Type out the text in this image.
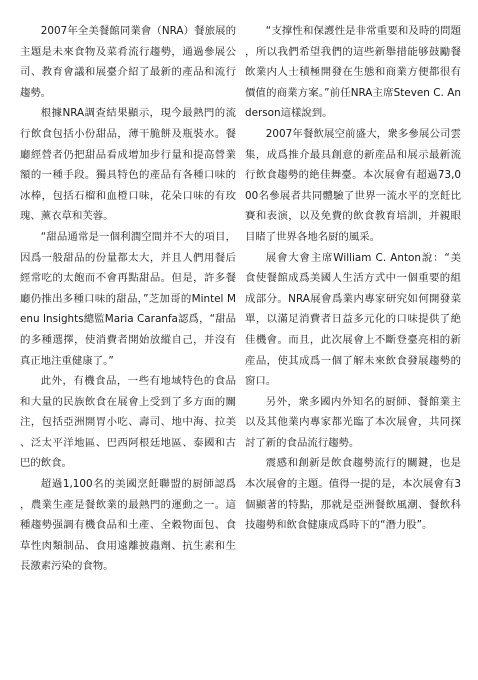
2007年全美餐館同業會（NRA）餐旅展的主題是未來食物及菜肴流行趨勢，通過參展公司、教育會議和展臺介紹了最新的產品和流行趨勢。

根據NRA調查結果顯示，現今最熱門的流行飲食包括小份甜品，薄干脆餅及瓶裝水。餐廳經營者仍把甜品看成增加步行量和提高營業額的一種手段。獨具特色的產品有各種口味的冰棒，包括石榴和血橙口味，花朵口味的有玫瑰、薰衣草和芙蓉。

“甜品通常是一個利潤空間并不大的項目，因爲一般甜品的份量都太大，并且人們用餐后經常吃的太飽而不會再點甜品。但是，許多餐廳仍推出多種口味的甜品，”芝加哥的Mintel Menu Insights總監Maria Caranfa認爲，“甜品的多種選擇，使消費者開始放縱自己，并沒有真正地注重健康了。”

此外，有機食品，一些有地域特色的食品和大量的民族飲食在展會上受到了多方面的關注，包括亞洲開胃小吃、壽司、地中海、拉美、泛太平洋地區、巴西阿根廷地區、泰國和古巴的飲食。

超過1,100名的美國烹飪聯盟的厨師認爲，農業生產是餐飲業的最熱門的運動之一。這種趨勢强調有機食品和土產、全穀物面包、食草性肉類制品、食用遠離披蟲劑、抗生素和生長激素污染的食物。

“支撑性和保護性是非常重要和及時的問題，所以我們希望我們的這些新舉措能够鼓勵餐飲業内人士積極開發在生態和商業方便都很有價值的商業方案。”前任NRA主席Steven C. Anderson這樣說到。

2007年餐飲展空前盛大，衆多參展公司雲集，成爲推介最具創意的新産品和展示最新流行飲食趨勢的絶佳舞臺。本次展會有超過73,000名參展者共同體驗了世界一流水平的烹飪比賽和表演，以及免費的飲食教育培訓，并親眼目睹了世界各地名厨的風采。

展會大會主席William C. Anton說：“美食使餐館成爲美國人生活方式中一個重要的組成部分。NRA展會爲業内專家研究如何開發菜單，以滿足消費者日益多元化的口味提供了絶佳機會。而且，此次展會上不斷登臺亮相的新産品，使其成爲一個了解未來飲食發展趨勢的窗口。

另外，衆多國内外知名的厨師、餐館業主以及其他業内專家都光臨了本次展會，共同探討了新的食品流行趨勢。

震感和創新是飲食趨勢流行的關鍵，也是本次展會的主題。值得一提的是，本次展會有3個顯著的特點，那就是亞洲餐飲風潮、餐飲科技趨勢和飲食健康成爲時下的“潛力股”。
